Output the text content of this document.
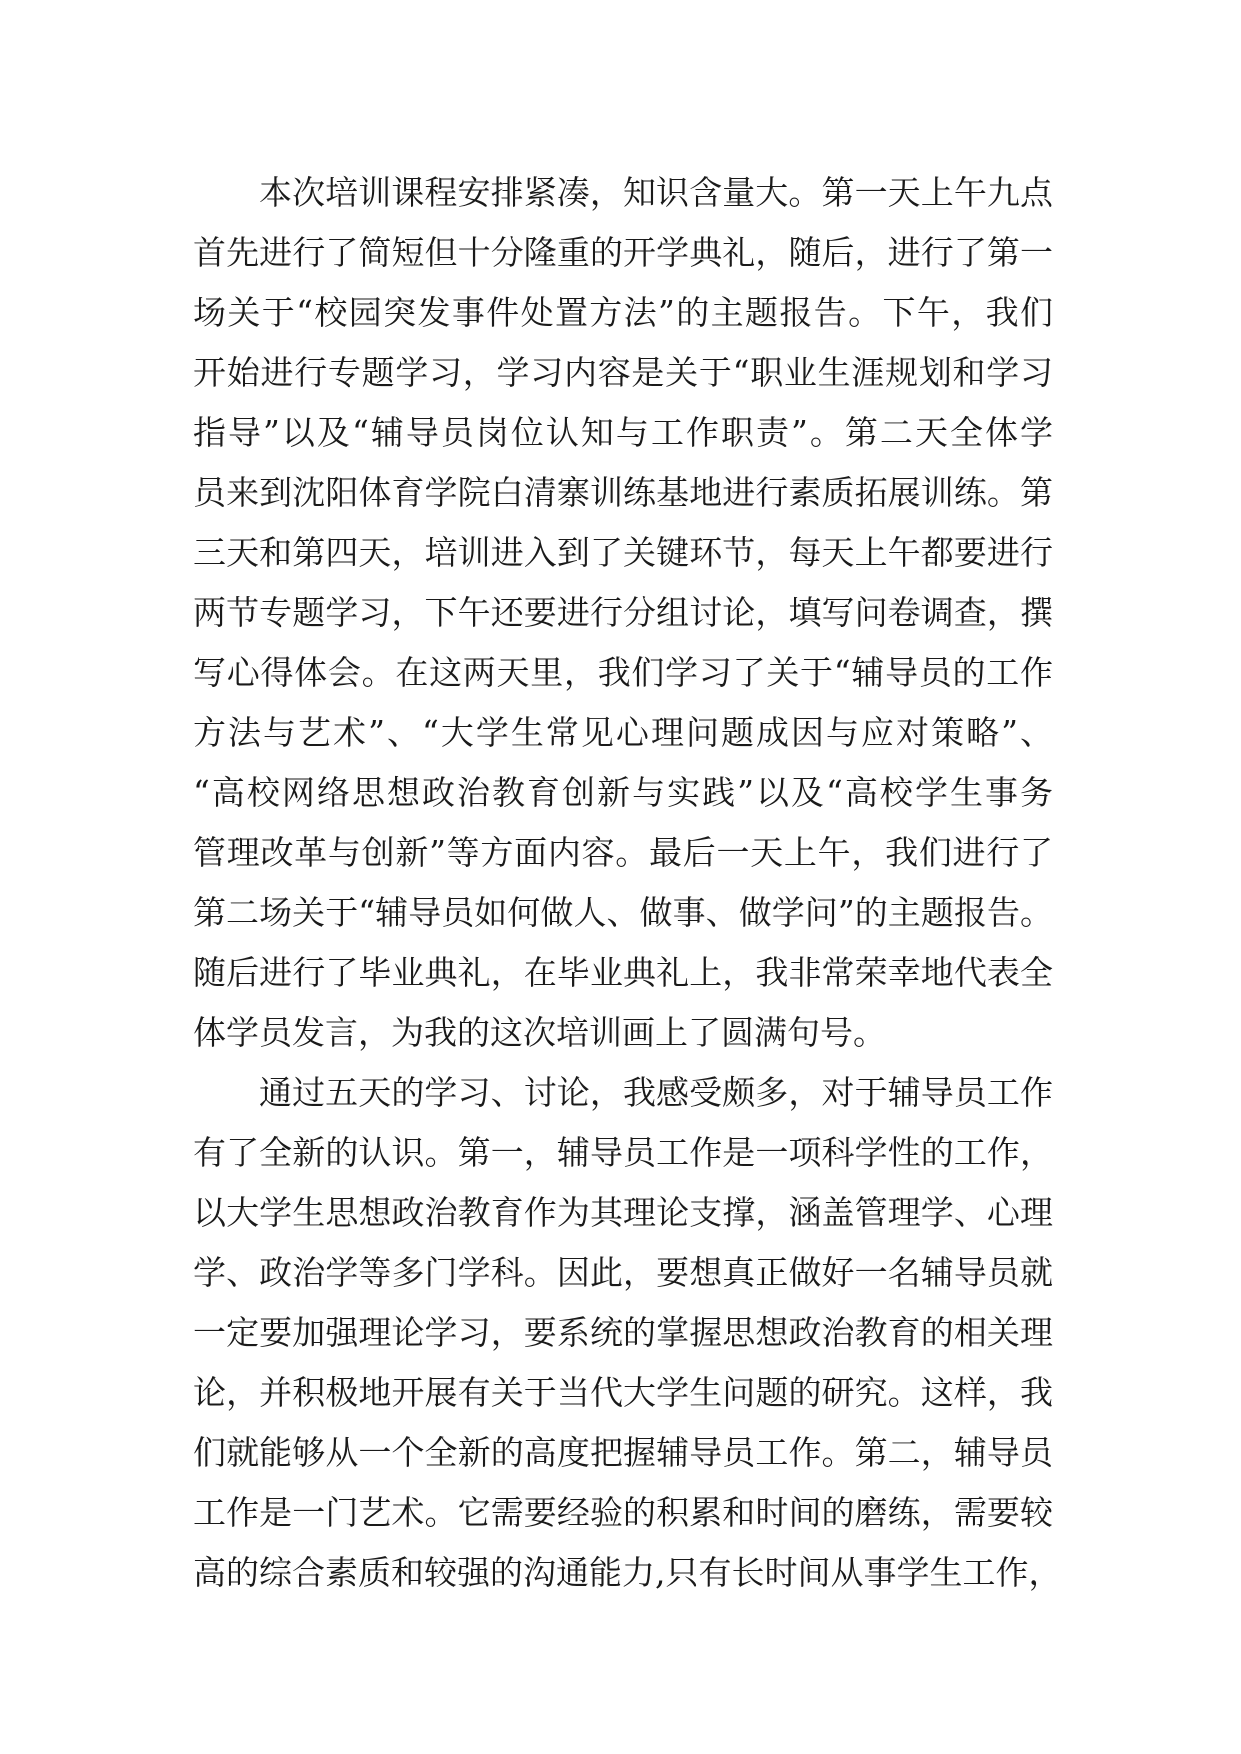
本次培训课程安排紧凑，知识含量大。第一天上午九点
首先进行了简短但十分隆重的开学典礼，随后，进行了第一
场关于“校园突发事件处置方法”的主题报告。下午，我们
开始进行专题学习，学习内容是关于“职业生涯规划和学习
指导”以及“辅导员岗位认知与工作职责”。第二天全体学
员来到沈阳体育学院白清寨训练基地进行素质拓展训练。第
三天和第四天，培训进入到了关键环节，每天上午都要进行
两节专题学习，下午还要进行分组讨论，填写问卷调查，撰
写心得体会。在这两天里，我们学习了关于“辅导员的工作
方法与艺术”、“大学生常见心理问题成因与应对策略”、
“高校网络思想政治教育创新与实践”以及“高校学生事务
管理改革与创新”等方面内容。最后一天上午，我们进行了
第二场关于“辅导员如何做人、做事、做学问”的主题报告。
随后进行了毕业典礼，在毕业典礼上，我非常荣幸地代表全
体学员发言，为我的这次培训画上了圆满句号。
通过五天的学习、讨论，我感受颇多，对于辅导员工作
有了全新的认识。第一，辅导员工作是一项科学性的工作，
以大学生思想政治教育作为其理论支撑，涵盖管理学、心理
学、政治学等多门学科。因此，要想真正做好一名辅导员就
一定要加强理论学习，要系统的掌握思想政治教育的相关理
论，并积极地开展有关于当代大学生问题的研究。这样，我
们就能够从一个全新的高度把握辅导员工作。第二，辅导员
工作是一门艺术。它需要经验的积累和时间的磨练，需要较
高的综合素质和较强的沟通能力,只有长时间从事学生工作，
